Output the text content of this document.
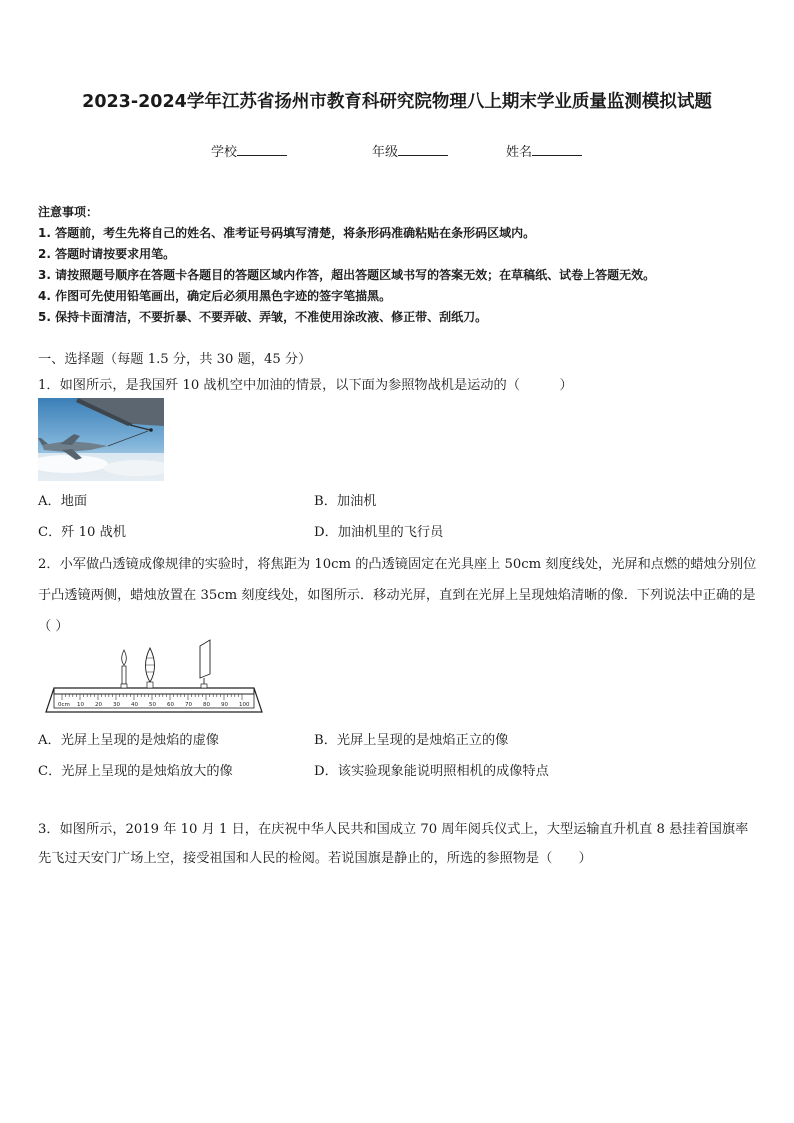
2023-2024学年江苏省扬州市教育科研究院物理八上期末学业质量监测模拟试题
学校	年级	姓名
注意事项：
1. 答题前，考生先将自己的姓名、准考证号码填写清楚，将条形码准确粘贴在条形码区域内。
2. 答题时请按要求用笔。
3. 请按照题号顺序在答题卡各题目的答题区域内作答，超出答题区域书写的答案无效；在草稿纸、试卷上答题无效。
4. 作图可先使用铅笔画出，确定后必须用黑色字迹的签字笔描黑。
5. 保持卡面清洁，不要折暴、不要弄破、弄皱，不准使用涂改液、修正带、刮纸刀。
一、选择题（每题 1.5 分，共 30 题，45 分）
1．如图所示，是我国歼 10 战机空中加油的情景，以下面为参照物战机是运动的（　　　）
A．地面	B．加油机
C．歼 10 战机	D．加油机里的飞行员
2．小军做凸透镜成像规律的实验时，将焦距为 10cm 的凸透镜固定在光具座上 50cm 刻度线处，光屏和点燃的蜡烛分别位于凸透镜两侧，蜡烛放置在 35cm 刻度线处，如图所示．移动光屏，直到在光屏上呈现烛焰清晰的像．下列说法中正确的是（ ）
0cm 10 20 30 40 50 60 70 80 90 100
A．光屏上呈现的是烛焰的虚像	B．光屏上呈现的是烛焰正立的像
C．光屏上呈现的是烛焰放大的像	D．该实验现象能说明照相机的成像特点
3．如图所示，2019 年 10 月 1 日，在庆祝中华人民共和国成立 70 周年阅兵仪式上，大型运输直升机直 8 悬挂着国旗率先飞过天安门广场上空，接受祖国和人民的检阅。若说国旗是静止的，所选的参照物是（　　）
